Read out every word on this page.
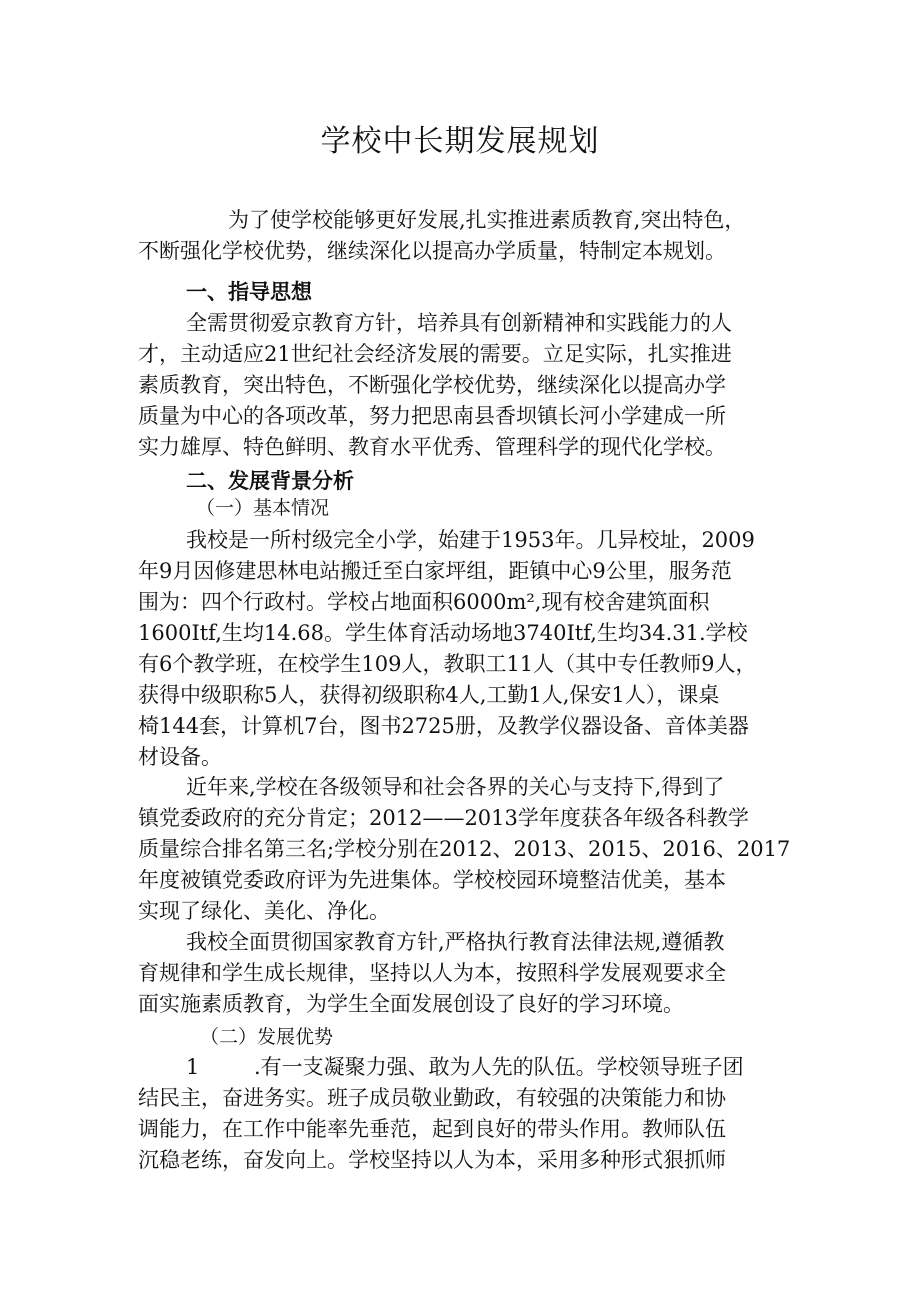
学校中长期发展规划
为了使学校能够更好发展,扎实推进素质教育,突出特色，
不断强化学校优势，继续深化以提高办学质量，特制定本规划。
一、指导思想
全需贯彻爱京教育方针，培养具有创新精神和实践能力的人
才，主动适应21世纪社会经济发展的需要。立足实际，扎实推进
素质教育，突出特色，不断强化学校优势，继续深化以提高办学
质量为中心的各项改革，努力把思南县香坝镇长河小学建成一所
实力雄厚、特色鲜明、教育水平优秀、管理科学的现代化学校。
二、发展背景分析
（一）基本情况
我校是一所村级完全小学，始建于1953年。几异校址，2009
年9月因修建思林电站搬迁至白家坪组，距镇中心9公里，服务范
围为：四个行政村。学校占地面积6000m²,现有校舍建筑面积
1600Itf,生均14.68。学生体育活动场地3740Itf,生均34.31.学校
有6个教学班，在校学生109人，教职工11人（其中专任教师9人，
获得中级职称5人，获得初级职称4人,工勤1人,保安1人），课桌
椅144套，计算机7台，图书2725册，及教学仪器设备、音体美器
材设备。
近年来,学校在各级领导和社会各界的关心与支持下,得到了
镇党委政府的充分肯定；2012——2013学年度获各年级各科教学
质量综合排名第三名;学校分别在2012、2013、2015、2016、2017
年度被镇党委政府评为先进集体。学校校园环境整洁优美，基本
实现了绿化、美化、净化。
我校全面贯彻国家教育方针,严格执行教育法律法规,遵循教
育规律和学生成长规律，坚持以人为本，按照科学发展观要求全
面实施素质教育，为学生全面发展创设了良好的学习环境。
（二）发展优势
1	.有一支凝聚力强、敢为人先的队伍。学校领导班子团
结民主，奋进务实。班子成员敬业勤政，有较强的决策能力和协
调能力，在工作中能率先垂范，起到良好的带头作用。教师队伍
沉稳老练，奋发向上。学校坚持以人为本，采用多种形式狠抓师
